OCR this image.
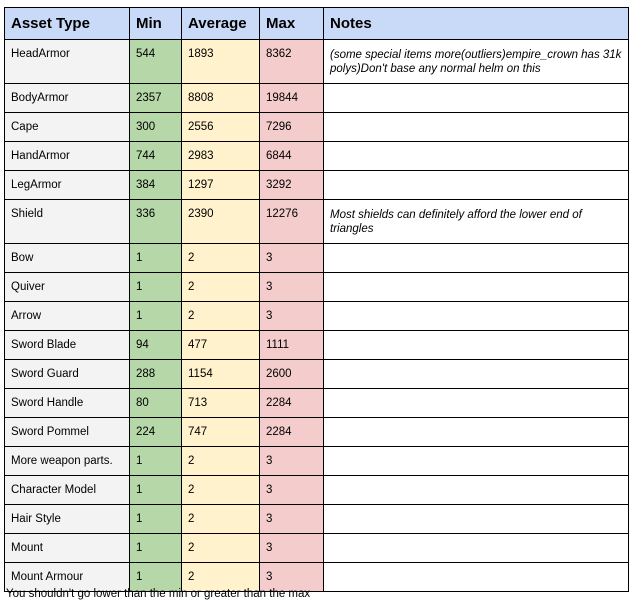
Asset Type	Min	Average	Max	Notes
HeadArmor	544	1893	8362	(some special items more(outliers)empire_crown has 31k polys)Don't base any normal helm on this
BodyArmor	2357	8808	19844	
Cape	300	2556	7296	
HandArmor	744	2983	6844	
LegArmor	384	1297	3292	
Shield	336	2390	12276	Most shields can definitely afford the lower end of triangles
Bow	1	2	3	
Quiver	1	2	3	
Arrow	1	2	3	
Sword Blade	94	477	1111	
Sword Guard	288	1154	2600	
Sword Handle	80	713	2284	
Sword Pommel	224	747	2284	
More weapon parts.	1	2	3	
Character Model	1	2	3	
Hair Style	1	2	3	
Mount	1	2	3	
Mount Armour	1	2	3	
You shouldn't go lower than the min or greater than the max
